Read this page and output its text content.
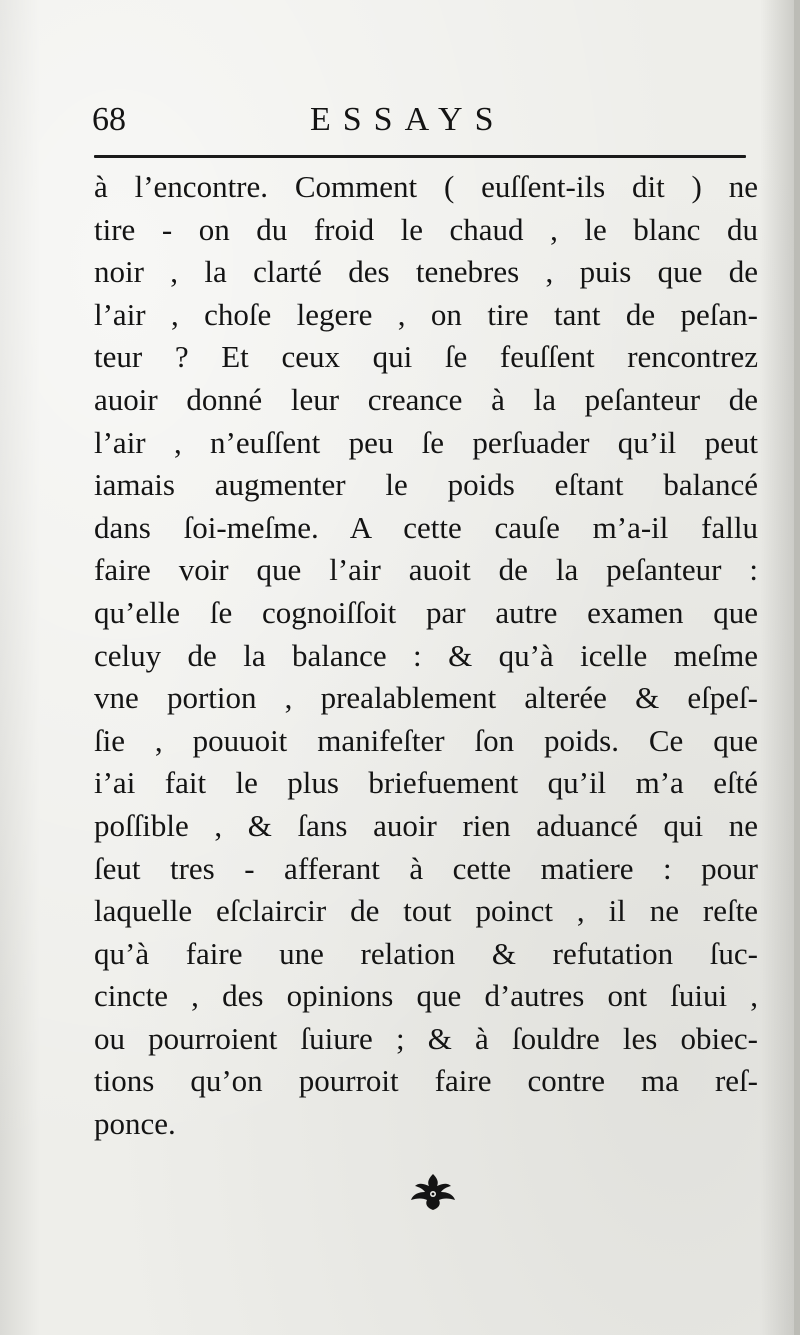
68	ESSAYS
à l’encontre. Comment ( euſſent-ils dit ) ne
tire - on du froid le chaud , le blanc du
noir , la clarté des tenebres , puis que de
l’air , choſe legere , on tire tant de peſan-
teur ? Et ceux qui ſe feuſſent rencontrez
auoir donné leur creance à la peſanteur de
l’air , n’euſſent peu ſe perſuader qu’il peut
iamais augmenter le poids eſtant balancé
dans ſoi-meſme. A cette cauſe m’a-il fallu
faire voir que l’air auoit de la peſanteur :
qu’elle ſe cognoiſſoit par autre examen que
celuy de la balance : & qu’à icelle meſme
vne portion , prealablement alterée & eſpeſ-
ſie , pouuoit manifeſter ſon poids. Ce que
i’ai fait le plus briefuement qu’il m’a eſté
poſſible , & ſans auoir rien aduancé qui ne
ſeut tres - afferant à cette matiere : pour
laquelle eſclaircir de tout poinct , il ne reſte
qu’à faire une relation & refutation ſuc-
cincte , des opinions que d’autres ont ſuiui ,
ou pourroient ſuiure ; & à ſouldre les obiec-
tions qu’on pourroit faire contre ma reſ-
ponce.
